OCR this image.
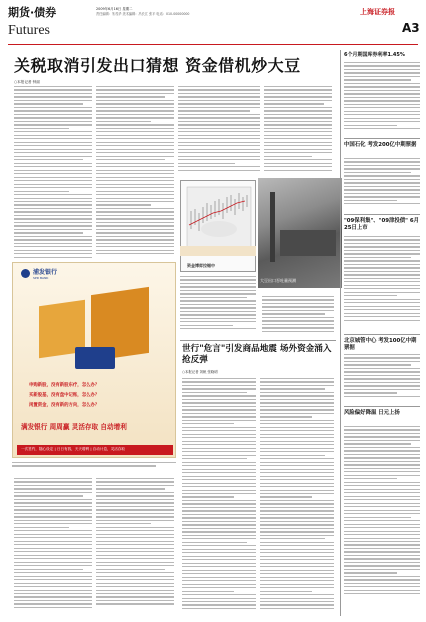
期货·债券	2009年6月16日 星期二
责任编辑：朱茂华 美术编辑：冯长江 张平 电话：010-00000000
Futures
上海证券报
A3
关税取消引发出口猜想 资金借机炒大豆
○本报记者 钟丽
大豆出口吞吐量预测
资金博弈拉锯中
浦发银行
SPD BANK
申购新股，没有新股东疗，怎么办？
买新股基，没有盘中记账，怎么办？
闲置资金，没有新的方向，怎么办？
满发银行 周周赢 灵活存取 自动增利
一次签约，随心设定 | 日日有钱，天天增利 | 自动计息，灵活存取
世行"危言"引发商品地震 场外资金涌入抢反弹
○本报记者 刘帆 张晓明
6个月期国库券利率1.45%
中国石化 考发200亿中期票据
"09保利集"、"09津投债" 6月25日上市
北京城管中心 考发100亿中期票据
风险偏好降温 日元上扬
